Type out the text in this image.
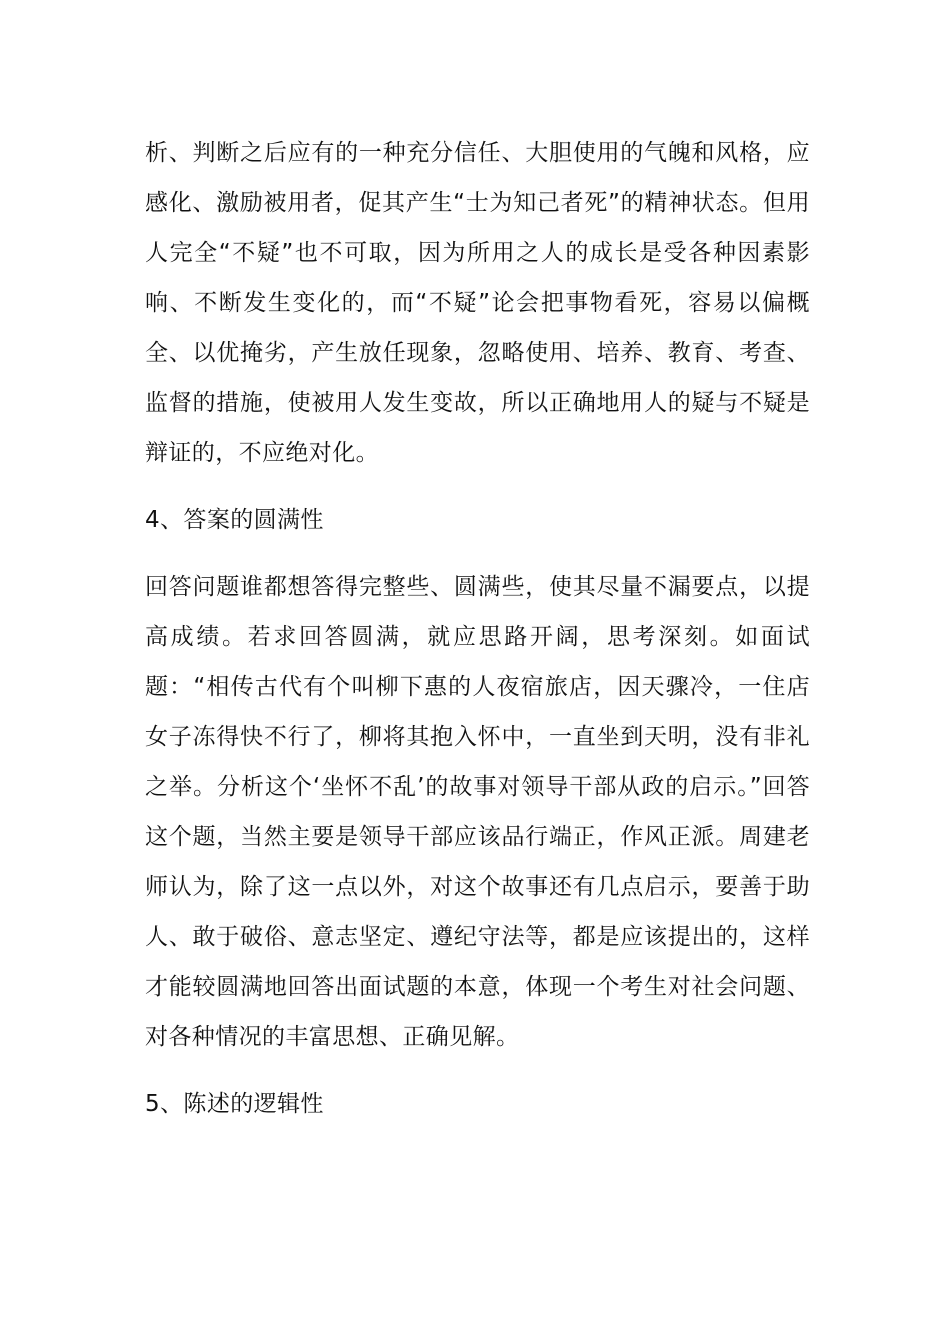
析、判断之后应有的一种充分信任、大胆使用的气魄和风格，应感化、激励被用者，促其产生“士为知己者死”的精神状态。但用人完全“不疑”也不可取，因为所用之人的成长是受各种因素影响、不断发生变化的，而“不疑”论会把事物看死，容易以偏概全、以优掩劣，产生放任现象，忽略使用、培养、教育、考查、监督的措施，使被用人发生变故，所以正确地用人的疑与不疑是辩证的，不应绝对化。

4、答案的圆满性

回答问题谁都想答得完整些、圆满些，使其尽量不漏要点，以提高成绩。若求回答圆满，就应思路开阔，思考深刻。如面试题：“相传古代有个叫柳下惠的人夜宿旅店，因天骤冷，一住店女子冻得快不行了，柳将其抱入怀中，一直坐到天明，没有非礼之举。分析这个‘坐怀不乱’的故事对领导干部从政的启示。”回答这个题，当然主要是领导干部应该品行端正，作风正派。周建老师认为，除了这一点以外，对这个故事还有几点启示，要善于助人、敢于破俗、意志坚定、遵纪守法等，都是应该提出的，这样才能较圆满地回答出面试题的本意，体现一个考生对社会问题、对各种情况的丰富思想、正确见解。

5、陈述的逻辑性
